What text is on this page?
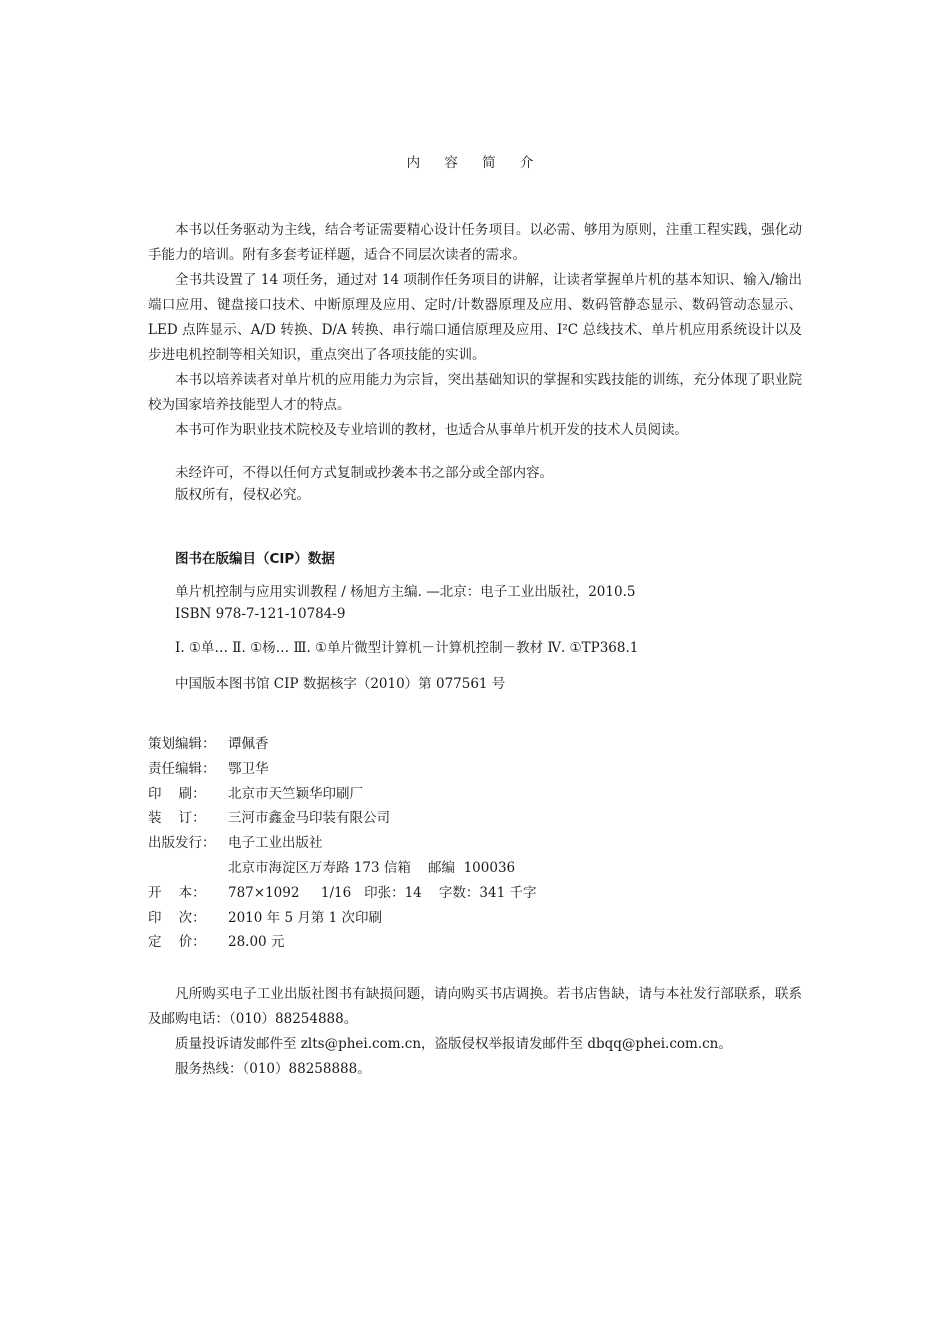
内 容 简 介

本书以任务驱动为主线，结合考证需要精心设计任务项目。以必需、够用为原则，注重工程实践，强化动手能力的培训。附有多套考证样题，适合不同层次读者的需求。

全书共设置了 14 项任务，通过对 14 项制作任务项目的讲解，让读者掌握单片机的基本知识、输入/输出端口应用、键盘接口技术、中断原理及应用、定时/计数器原理及应用、数码管静态显示、数码管动态显示、LED 点阵显示、A/D 转换、D/A 转换、串行端口通信原理及应用、I²C 总线技术、单片机应用系统设计以及步进电机控制等相关知识，重点突出了各项技能的实训。

本书以培养读者对单片机的应用能力为宗旨，突出基础知识的掌握和实践技能的训练，充分体现了职业院校为国家培养技能型人才的特点。

本书可作为职业技术院校及专业培训的教材，也适合从事单片机开发的技术人员阅读。

未经许可，不得以任何方式复制或抄袭本书之部分或全部内容。
版权所有，侵权必究。
图书在版编目（CIP）数据
单片机控制与应用实训教程 / 杨旭方主编. —北京：电子工业出版社，2010.5
ISBN 978-7-121-10784-9
Ⅰ. ①单… Ⅱ. ①杨… Ⅲ. ①单片微型计算机－计算机控制－教材 Ⅳ. ①TP368.1
中国版本图书馆 CIP 数据核字（2010）第 077561 号
策划编辑： 谭佩香
责任编辑： 鄂卫华
印    刷：	北京市天竺颖华印刷厂
装    订：	三河市鑫金马印装有限公司
出版发行： 电子工业出版社
北京市海淀区万寿路 173 信箱    邮编  100036
开    本：	787×1092     1/16   印张：14    字数：341 千字
印    次：	2010 年 5 月第 1 次印刷
定    价：	28.00 元

凡所购买电子工业出版社图书有缺损问题，请向购买书店调换。若书店售缺，请与本社发行部联系，联系及邮购电话：（010）88254888。

质量投诉请发邮件至 zlts@phei.com.cn，盗版侵权举报请发邮件至 dbqq@phei.com.cn。

服务热线：（010）88258888。
